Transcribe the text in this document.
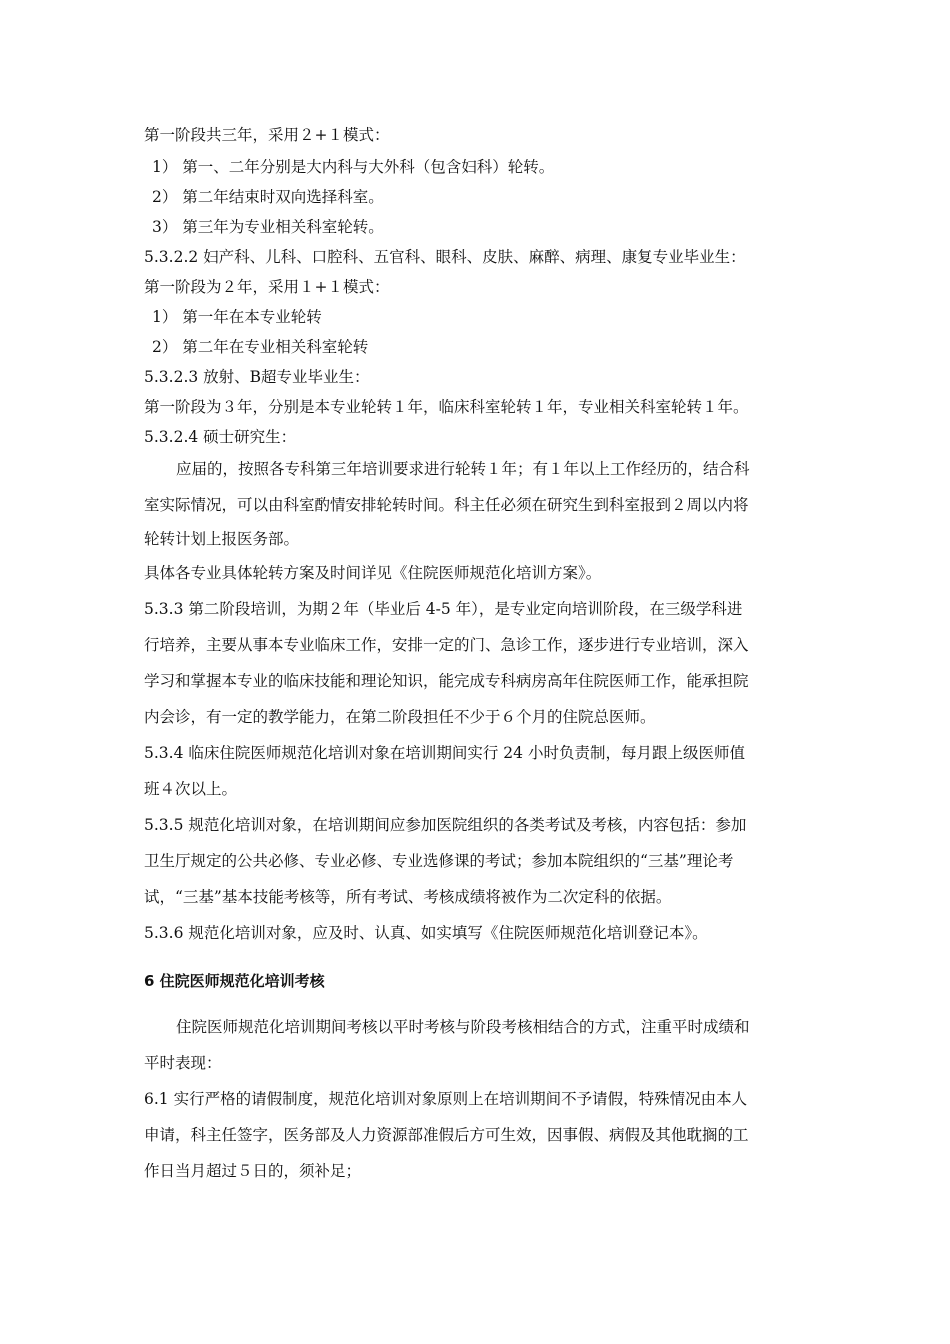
第一阶段共三年，采用２+１模式：
1） 第一、二年分别是大内科与大外科（包含妇科）轮转。
2） 第二年结束时双向选择科室。
3） 第三年为专业相关科室轮转。
5.3.2.2 妇产科、儿科、口腔科、五官科、眼科、皮肤、麻醉、病理、康复专业毕业生：
第一阶段为２年，采用１+１模式：
1） 第一年在本专业轮转
2） 第二年在专业相关科室轮转
5.3.2.3 放射、B超专业毕业生：
第一阶段为３年，分别是本专业轮转１年，临床科室轮转１年，专业相关科室轮转１年。
5.3.2.4 硕士研究生：
应届的，按照各专科第三年培训要求进行轮转１年；有１年以上工作经历的，结合科
室实际情况，可以由科室酌情安排轮转时间。科主任必须在研究生到科室报到２周以内将
轮转计划上报医务部。
具体各专业具体轮转方案及时间详见《住院医师规范化培训方案》。
5.3.3 第二阶段培训，为期２年（毕业后 4-5 年），是专业定向培训阶段，在三级学科进
行培养，主要从事本专业临床工作，安排一定的门、急诊工作，逐步进行专业培训，深入
学习和掌握本专业的临床技能和理论知识，能完成专科病房高年住院医师工作，能承担院
内会诊，有一定的教学能力，在第二阶段担任不少于６个月的住院总医师。
5.3.4 临床住院医师规范化培训对象在培训期间实行 24 小时负责制，每月跟上级医师值
班４次以上。
5.3.5 规范化培训对象，在培训期间应参加医院组织的各类考试及考核，内容包括：参加
卫生厅规定的公共必修、专业必修、专业选修课的考试；参加本院组织的“三基”理论考
试，“三基”基本技能考核等，所有考试、考核成绩将被作为二次定科的依据。
5.3.6 规范化培训对象，应及时、认真、如实填写《住院医师规范化培训登记本》。
6 住院医师规范化培训考核
住院医师规范化培训期间考核以平时考核与阶段考核相结合的方式，注重平时成绩和
平时表现：
6.1 实行严格的请假制度，规范化培训对象原则上在培训期间不予请假，特殊情况由本人
申请，科主任签字，医务部及人力资源部准假后方可生效，因事假、病假及其他耽搁的工
作日当月超过５日的，须补足；
